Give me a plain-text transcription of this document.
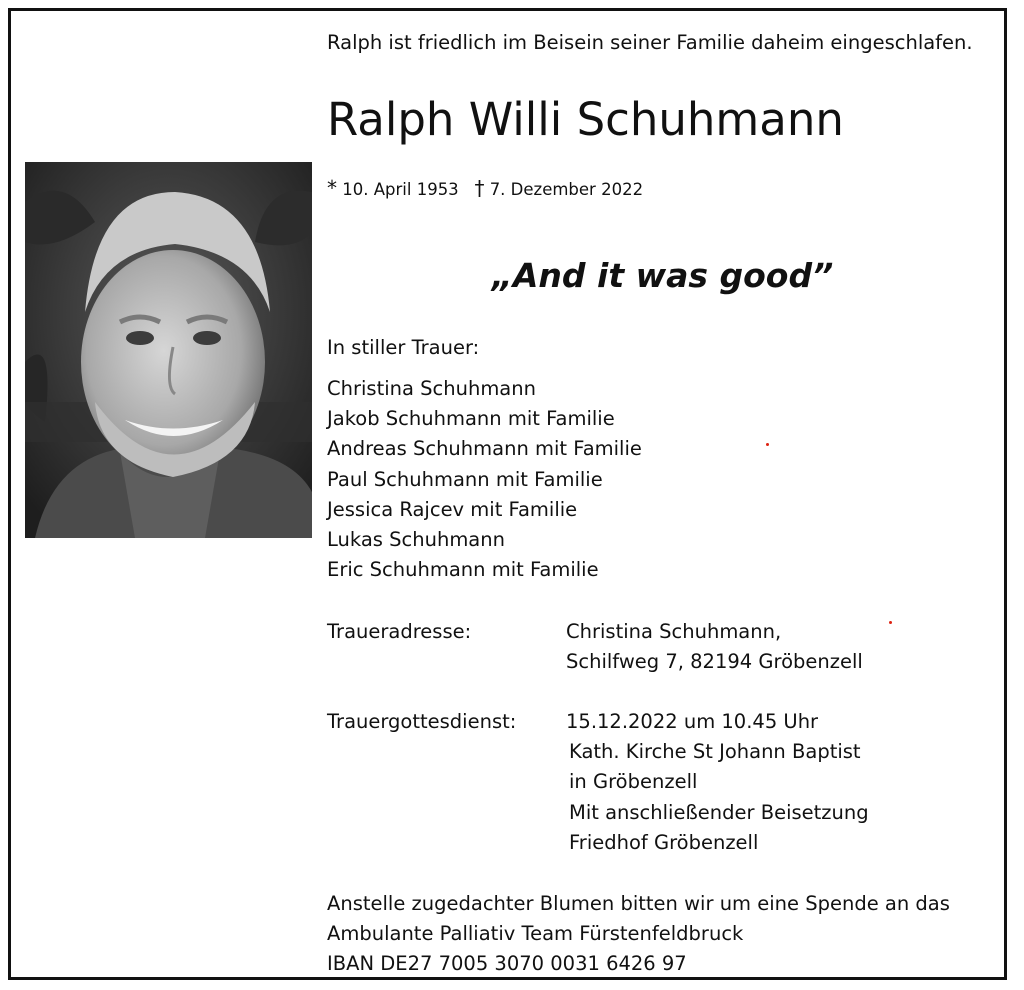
Ralph ist friedlich im Beisein seiner Familie daheim eingeschlafen.
Ralph Willi Schuhmann
* 10. April 1953 † 7. Dezember 2022
„And it was good”
In stiller Trauer:
Christina Schuhmann
Jakob Schuhmann mit Familie
Andreas Schuhmann mit Familie
Paul Schuhmann mit Familie
Jessica Rajcev mit Familie
Lukas Schuhmann
Eric Schuhmann mit Familie
Traueradresse:	Christina Schuhmann,
Schilfweg 7, 82194 Gröbenzell
Trauergottesdienst:	15.12.2022 um 10.45 Uhr
Kath. Kirche St Johann Baptist
in Gröbenzell
Mit anschließender Beisetzung
Friedhof Gröbenzell
Anstelle zugedachter Blumen bitten wir um eine Spende an das
Ambulante Palliativ Team Fürstenfeldbruck
IBAN DE27 7005 3070 0031 6426 97
